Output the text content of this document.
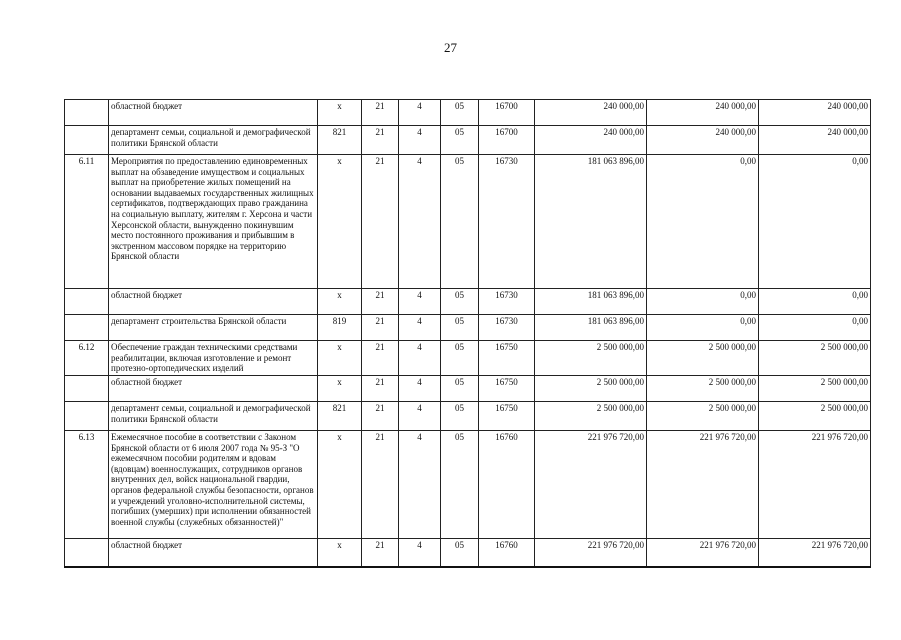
27
	областной бюджет	х	21	4	05	16700	240 000,00	240 000,00	240 000,00
	департамент семьи, социальной и демографической политики Брянской области	821	21	4	05	16700	240 000,00	240 000,00	240 000,00
6.11	Мероприятия по предоставлению единовременных выплат на обзаведение имуществом и социальных выплат на приобретение жилых помещений на основании выдаваемых государственных жилищных сертификатов, подтверждающих право гражданина на социальную выплату, жителям г. Херсона и части Херсонской области, вынужденно покинувшим место постоянного проживания и прибывшим в экстренном массовом порядке на территорию Брянской области	х	21	4	05	16730	181 063 896,00	0,00	0,00
	областной бюджет	х	21	4	05	16730	181 063 896,00	0,00	0,00
	департамент строительства Брянской области	819	21	4	05	16730	181 063 896,00	0,00	0,00
6.12	Обеспечение граждан техническими средствами реабилитации, включая изготовление и ремонт протезно-ортопедических изделий	х	21	4	05	16750	2 500 000,00	2 500 000,00	2 500 000,00
	областной бюджет	х	21	4	05	16750	2 500 000,00	2 500 000,00	2 500 000,00
	департамент семьи, социальной и демографической политики Брянской области	821	21	4	05	16750	2 500 000,00	2 500 000,00	2 500 000,00
6.13	Ежемесячное пособие в соответствии с Законом Брянской области от 6 июля 2007 года № 95-З "О ежемесячном пособии родителям и вдовам (вдовцам) военнослужащих, сотрудников органов внутренних дел, войск национальной гвардии, органов федеральной службы безопасности, органов и учреждений уголовно-исполнительной системы, погибших (умерших) при исполнении обязанностей военной службы (служебных обязанностей)"	х	21	4	05	16760	221 976 720,00	221 976 720,00	221 976 720,00
	областной бюджет	х	21	4	05	16760	221 976 720,00	221 976 720,00	221 976 720,00
